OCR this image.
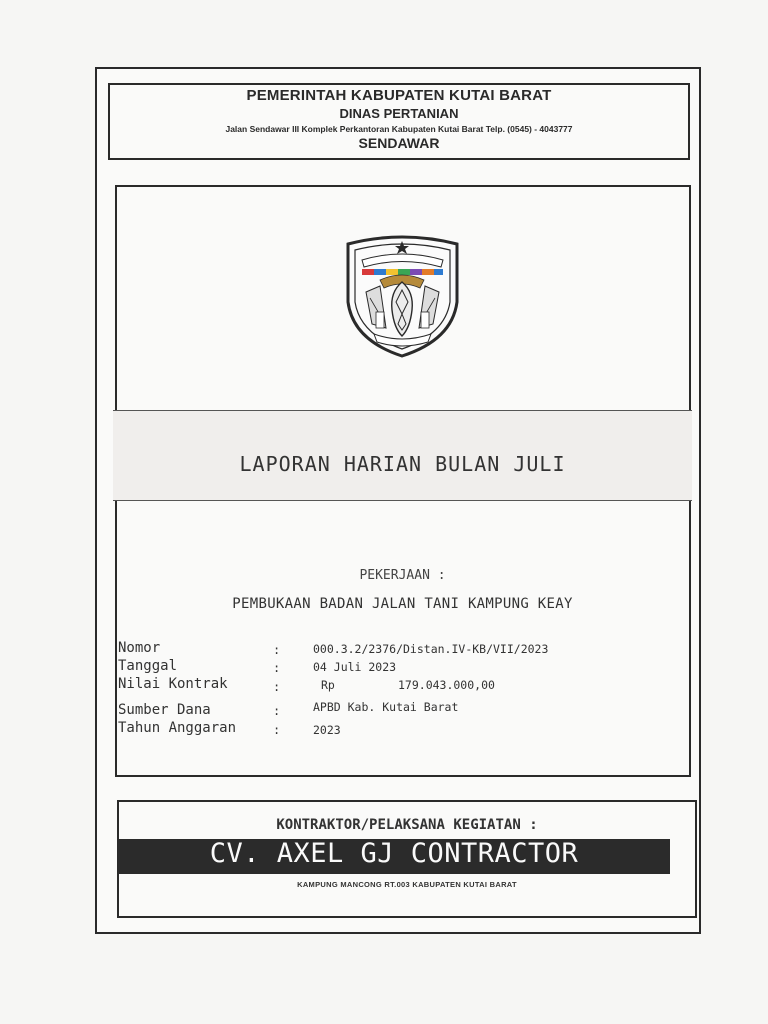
PEMERINTAH KABUPATEN KUTAI BARAT
DINAS PERTANIAN
Jalan Sendawar III Komplek Perkantoran Kabupaten Kutai Barat Telp. (0545) - 4043777
SENDAWAR
LAPORAN HARIAN BULAN JULI
PEKERJAAN :
PEMBUKAAN BADAN JALAN TANI KAMPUNG KEAY
Nomor	:	000.3.2/2376/Distan.IV-KB/VII/2023
Tanggal	:	04 Juli 2023
Nilai Kontrak	:	Rp	179.043.000,00
Sumber Dana	:	APBD Kab. Kutai Barat
Tahun Anggaran	:	2023
KONTRAKTOR/PELAKSANA KEGIATAN :
CV. AXEL GJ CONTRACTOR
KAMPUNG MANCONG RT.003 KABUPATEN KUTAI BARAT
